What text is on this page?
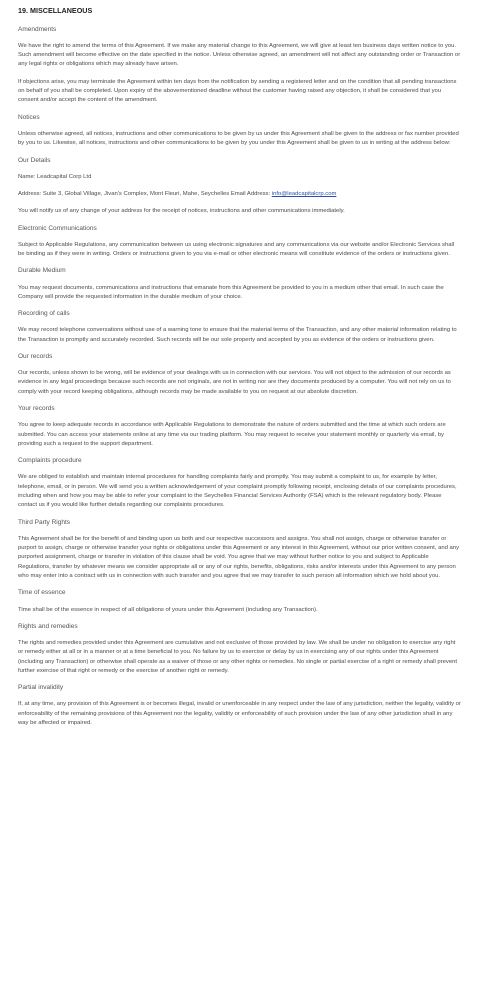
19. MISCELLANEOUS
Amendments
We have the right to amend the terms of this Agreement. If we make any material change to this Agreement, we will give at least ten business days written notice to you. Such amendment will become effective on the date specified in the notice. Unless otherwise agreed, an amendment will not affect any outstanding order or Transaction or any legal rights or obligations which may already have arisen.
If objections arise, you may terminate the Agreement within ten days from the notification by sending a registered letter and on the condition that all pending transactions on behalf of you shall be completed. Upon expiry of the abovementioned deadline without the customer having raised any objection, it shall be considered that you consent and/or accept the content of the amendment.
Notices
Unless otherwise agreed, all notices, instructions and other communications to be given by us under this Agreement shall be given to the address or fax number provided by you to us. Likewise, all notices, instructions and other communications to be given by you under this Agreement shall be given to us in writing at the address below:
Our Details
Name: Leadcapital Corp Ltd
Address: Suite 3, Global Village, Jivan's Complex, Mont Fleuri, Mahe, Seychelles Email Address: info@leadcapitalcrp.com
You will notify us of any change of your address for the receipt of notices, instructions and other communications immediately.
Electronic Communications
Subject to Applicable Regulations, any communication between us using electronic signatures and any communications via our website and/or Electronic Services shall be binding as if they were in writing. Orders or instructions given to you via e-mail or other electronic means will constitute evidence of the orders or instructions given.
Durable Medium
You may request documents, communications and instructions that emanate from this Agreement be provided to you in a medium other that email. In such case the Company will provide the requested information in the durable medium of your choice.
Recording of calls
We may record telephone conversations without use of a warning tone to ensure that the material terms of the Transaction, and any other material information relating to the Transaction is promptly and accurately recorded. Such records will be our sole property and accepted by you as evidence of the orders or instructions given.
Our records
Our records, unless shown to be wrong, will be evidence of your dealings with us in connection with our services. You will not object to the admission of our records as evidence in any legal proceedings because such records are not originals, are not in writing nor are they documents produced by a computer. You will not rely on us to comply with your record keeping obligations, although records may be made available to you on request at our absolute discretion.
Your records
You agree to keep adequate records in accordance with Applicable Regulations to demonstrate the nature of orders submitted and the time at which such orders are submitted. You can access your statements online at any time via our trading platform. You may request to receive your statement monthly or quarterly via email, by providing such a request to the support department.
Complaints procedure
We are obliged to establish and maintain internal procedures for handling complaints fairly and promptly. You may submit a complaint to us, for example by letter, telephone, email, or in person. We will send you a written acknowledgement of your complaint promptly following receipt, enclosing details of our complaints procedures, including when and how you may be able to refer your complaint to the Seychelles Financial Services Authority (FSA) which is the relevant regulatory body. Please contact us if you would like further details regarding our complaints procedures.
Third Party Rights
This Agreement shall be for the benefit of and binding upon us both and our respective successors and assigns. You shall not assign, charge or otherwise transfer or purport to assign, charge or otherwise transfer your rights or obligations under this Agreement or any interest in this Agreement, without our prior written consent, and any purported assignment, charge or transfer in violation of this clause shall be void. You agree that we may without further notice to you and subject to Applicable Regulations, transfer by whatever means we consider appropriate all or any of our rights, benefits, obligations, risks and/or interests under this Agreement to any person who may enter into a contract with us in connection with such transfer and you agree that we may transfer to such person all information which we hold about you.
Time of essence
Time shall be of the essence in respect of all obligations of yours under this Agreement (including any Transaction).
Rights and remedies
The rights and remedies provided under this Agreement are cumulative and not exclusive of those provided by law. We shall be under no obligation to exercise any right or remedy either at all or in a manner or at a time beneficial to you. No failure by us to exercise or delay by us in exercising any of our rights under this Agreement (including any Transaction) or otherwise shall operate as a waiver of those or any other rights or remedies. No single or partial exercise of a right or remedy shall prevent further exercise of that right or remedy or the exercise of another right or remedy.
Partial invalidity
If, at any time, any provision of this Agreement is or becomes illegal, invalid or unenforceable in any respect under the law of any jurisdiction, neither the legality, validity or enforceability of the remaining provisions of this Agreement nor the legality, validity or enforceability of such provision under the law of any other jurisdiction shall in any way be affected or impaired.
